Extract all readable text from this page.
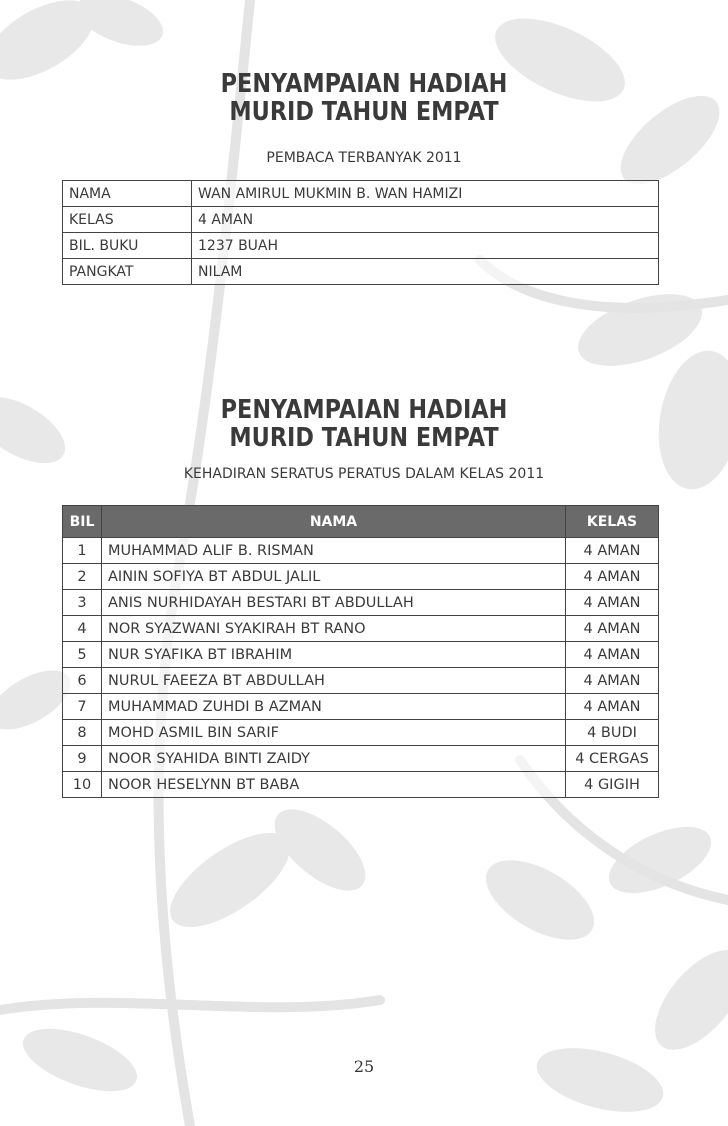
PENYAMPAIAN HADIAH
MURID TAHUN EMPAT
PEMBACA TERBANYAK 2011
NAMA	WAN AMIRUL MUKMIN B. WAN HAMIZI
KELAS	4 AMAN
BIL. BUKU	1237 BUAH
PANGKAT	NILAM
PENYAMPAIAN HADIAH
MURID TAHUN EMPAT
KEHADIRAN SERATUS PERATUS DALAM KELAS 2011
BIL	NAMA	KELAS
1	MUHAMMAD ALIF B. RISMAN	4 AMAN
2	AININ SOFIYA BT ABDUL JALIL	4 AMAN
3	ANIS NURHIDAYAH BESTARI BT ABDULLAH	4 AMAN
4	NOR SYAZWANI SYAKIRAH BT RANO	4 AMAN
5	NUR SYAFIKA BT IBRAHIM	4 AMAN
6	NURUL FAEEZA BT ABDULLAH	4 AMAN
7	MUHAMMAD ZUHDI B AZMAN	4 AMAN
8	MOHD ASMIL BIN SARIF	4 BUDI
9	NOOR SYAHIDA BINTI ZAIDY	4 CERGAS
10	NOOR HESELYNN BT BABA	4 GIGIH
25
